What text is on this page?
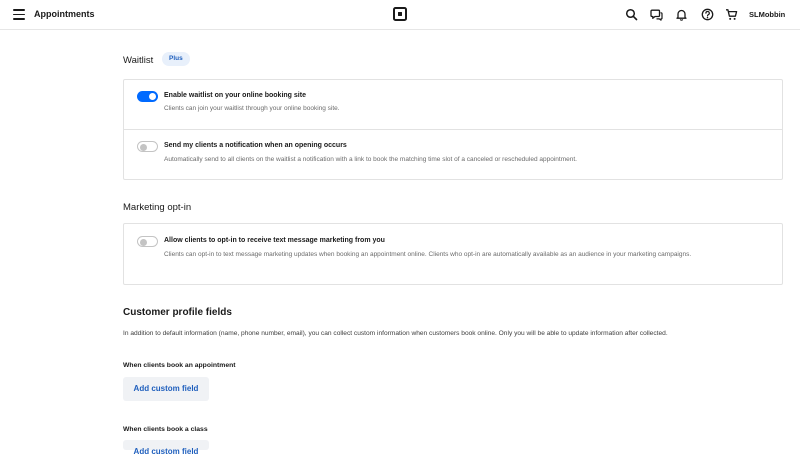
Appointments	SLMobbin
Waitlist	Plus
Enable waitlist on your online booking site
Clients can join your waitlist through your online booking site.
Send my clients a notification when an opening occurs
Automatically send to all clients on the waitlist a notification with a link to book the matching time slot of a canceled or rescheduled appointment.
Marketing opt-in
Allow clients to opt-in to receive text message marketing from you
Clients can opt-in to text message marketing updates when booking an appointment online. Clients who opt-in are automatically available as an audience in your marketing campaigns.
Customer profile fields
In addition to default information (name, phone number, email), you can collect custom information when customers book online. Only you will be able to update information after collected.
When clients book an appointment
Add custom field
When clients book a class
Add custom field
